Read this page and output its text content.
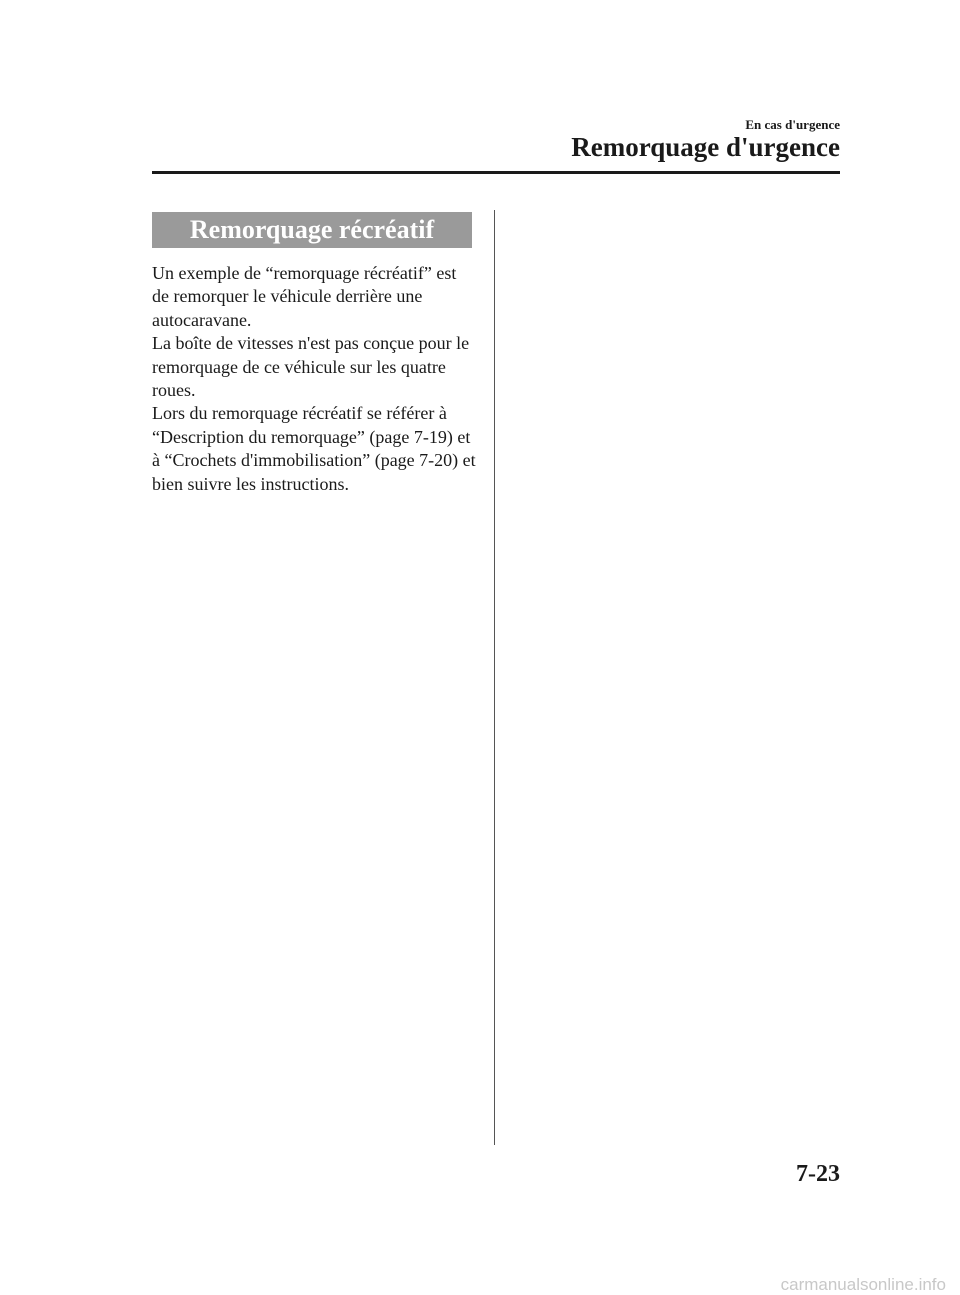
En cas d'urgence
Remorquage d'urgence
Remorquage récréatif

Un exemple de “remorquage récréatif” est de remorquer le véhicule derrière une autocaravane.

La boîte de vitesses n'est pas conçue pour le remorquage de ce véhicule sur les quatre roues.

Lors du remorquage récréatif se référer à “Description du remorquage” (page 7-19) et à “Crochets d'immobilisation” (page 7-20) et bien suivre les instructions.

7-23
carmanualsonline.info
